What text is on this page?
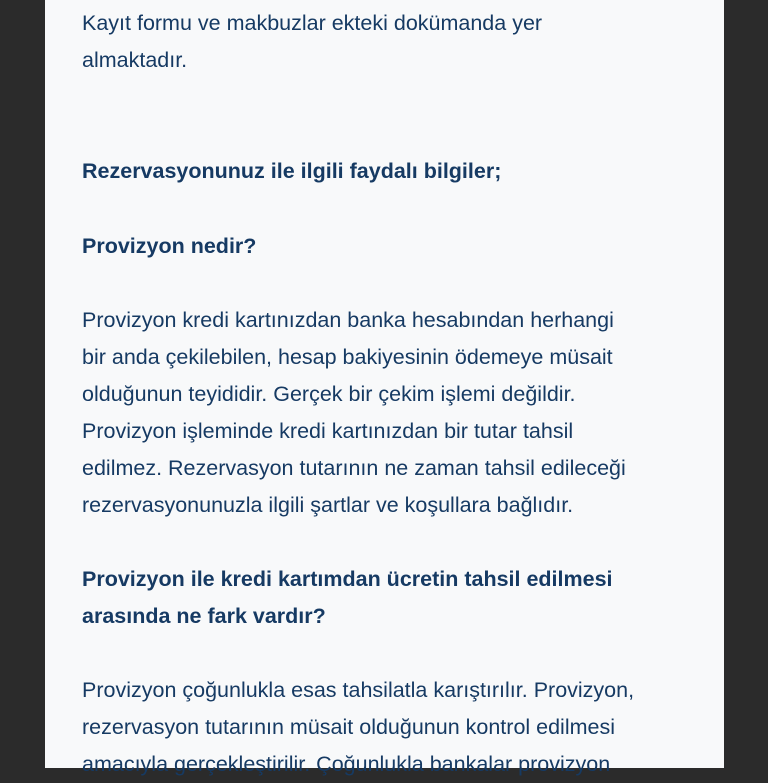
Kayıt formu ve makbuzlar ekteki dokümanda yer

almaktadır.

Rezervasyonunuz ile ilgili faydalı bilgiler;

Provizyon nedir?

Provizyon kredi kartınızdan banka hesabından herhangi

bir anda çekilebilen, hesap bakiyesinin ödemeye müsait

olduğunun teyididir. Gerçek bir çekim işlemi değildir.

Provizyon işleminde kredi kartınızdan bir tutar tahsil

edilmez. Rezervasyon tutarının ne zaman tahsil edileceği

rezervasyonunuzla ilgili şartlar ve koşullara bağlıdır.

Provizyon ile kredi kartımdan ücretin tahsil edilmesi

arasında ne fark vardır?

Provizyon çoğunlukla esas tahsilatla karıştırılır. Provizyon,

rezervasyon tutarının müsait olduğunun kontrol edilmesi

amacıyla gerçekleştirilir. Çoğunlukla bankalar provizyon
